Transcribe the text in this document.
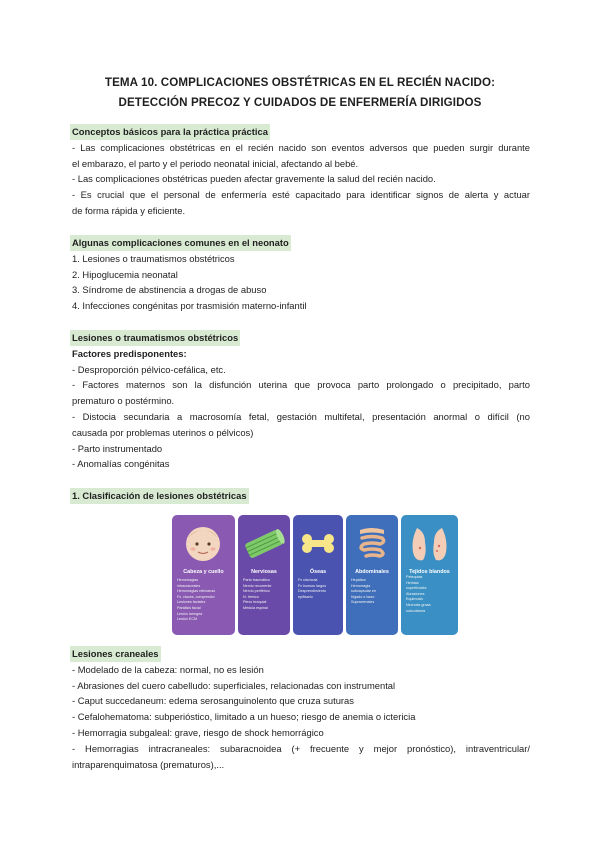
TEMA 10. COMPLICACIONES OBSTÉTRICAS EN EL RECIÉN NACIDO:
DETECCIÓN PRECOZ Y CUIDADOS DE ENFERMERÍA DIRIGIDOS
Conceptos básicos para la práctica práctica
- Las complicaciones obstétricas en el recién nacido son eventos adversos que pueden surgir durante
el embarazo, el parto y el periodo neonatal inicial, afectando al bebé.
- Las complicaciones obstétricas pueden afectar gravemente la salud del recién nacido.
- Es crucial que el personal de enfermería esté capacitado para identificar signos de alerta y actuar
de forma rápida y eficiente.
Algunas complicaciones comunes en el neonato
1. Lesiones o traumatismos obstétricos
2. Hipoglucemia neonatal
3. Síndrome de abstinencia a drogas de abuso
4. Infecciones congénitas por trasmisión materno-infantil
Lesiones o traumatismos obstétricos
Factores predisponentes:
- Desproporción pélvico-cefálica, etc.
- Factores maternos son la disfunción uterina que provoca parto prolongado o precipitado, parto
prematuro o postérmino.
- Distocia secundaria a macrosomía fetal, gestación multifetal, presentación anormal o difícil (no
causada por problemas uterinos o pélvicos)
- Parto instrumentado
- Anomalías congénitas
1. Clasificación de lesiones obstétricas
Cabeza y cuello
Hemorragias
intracraneales
Hemorragias retinianas
Fx. claves, compresión
Lesiones faciales
Parálisis facial
Lesión laríngea
Lesión ECM
Nerviosas
Parto traumático
Nervio recurrente
Nervio periférico
N. frénico
Plexo braquial
Médula espinal
Óseas
Fx clavícula
Fx huesos largos
Desprendimiento
epifisario
Abdominales
Hepática
Hemorragia
subcapsular en
hígado o bazo
Suprarrenales
Tejidos blandos
Petequias
Heridas
superficiales
Abrasiones
Equimosis
Necrosis grasa
subcutánea
Lesiones craneales
- Modelado de la cabeza: normal, no es lesión
- Abrasiones del cuero cabelludo: superficiales, relacionadas con instrumental
- Caput succedaneum: edema serosanguinolento que cruza suturas
- Cefalohematoma: subperióstico, limitado a un hueso; riesgo de anemia o ictericia
- Hemorragia subgaleal: grave, riesgo de shock hemorrágico
- Hemorragias intracraneales: subaracnoidea (+ frecuente y mejor pronóstico), intraventricular/
intraparenquimatosa (prematuros),...
